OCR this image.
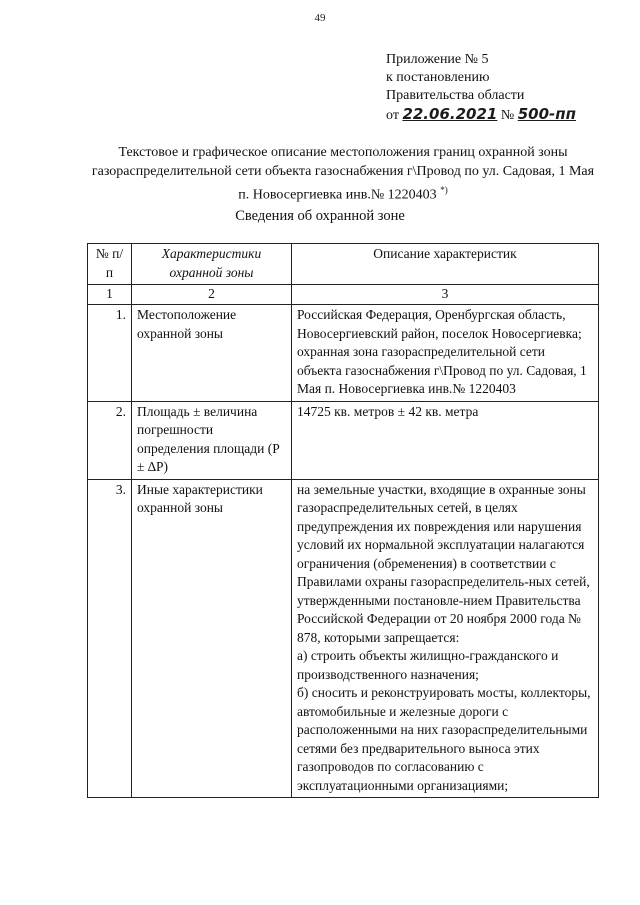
49
Приложение № 5
к постановлению
Правительства области
от 22.06.2021 № 500-пп
Текстовое и графическое описание местоположения границ охранной зоны газораспределительной сети объекта газоснабжения г\Провод по ул. Садовая, 1 Мая п. Новосергиевка инв.№ 1220403 *)
Сведения об охранной зоне
№ п/п	Характеристики охранной зоны	Описание характеристик
1	2	3
1.	Местоположение охранной зоны	Российская Федерация, Оренбургская область, Новосергиевский район, поселок Новосергиевка; охранная зона газораспределительной сети объекта газоснабжения г\Провод по ул. Садовая, 1 Мая п. Новосергиевка инв.№ 1220403
2.	Площадь ± величина погрешности определения площади (Р ± ∆Р)	14725 кв. метров ± 42 кв. метра
3.	Иные характеристики охранной зоны	на земельные участки, входящие в охранные зоны газораспределительных сетей, в целях предупреждения их повреждения или нарушения условий их нормальной эксплуатации налагаются ограничения (обременения) в соответствии с Правилами охраны газораспределитель-ных сетей, утвержденными постановле-нием Правительства Российской Федерации от 20 ноября 2000 года № 878, которыми запрещается:
а) строить объекты жилищно-гражданского и производственного назначения;
б) сносить и реконструировать мосты, коллекторы, автомобильные и железные дороги с расположенными на них газораспределительными сетями без предварительного выноса этих газопроводов по согласованию с эксплуатационными организациями;
